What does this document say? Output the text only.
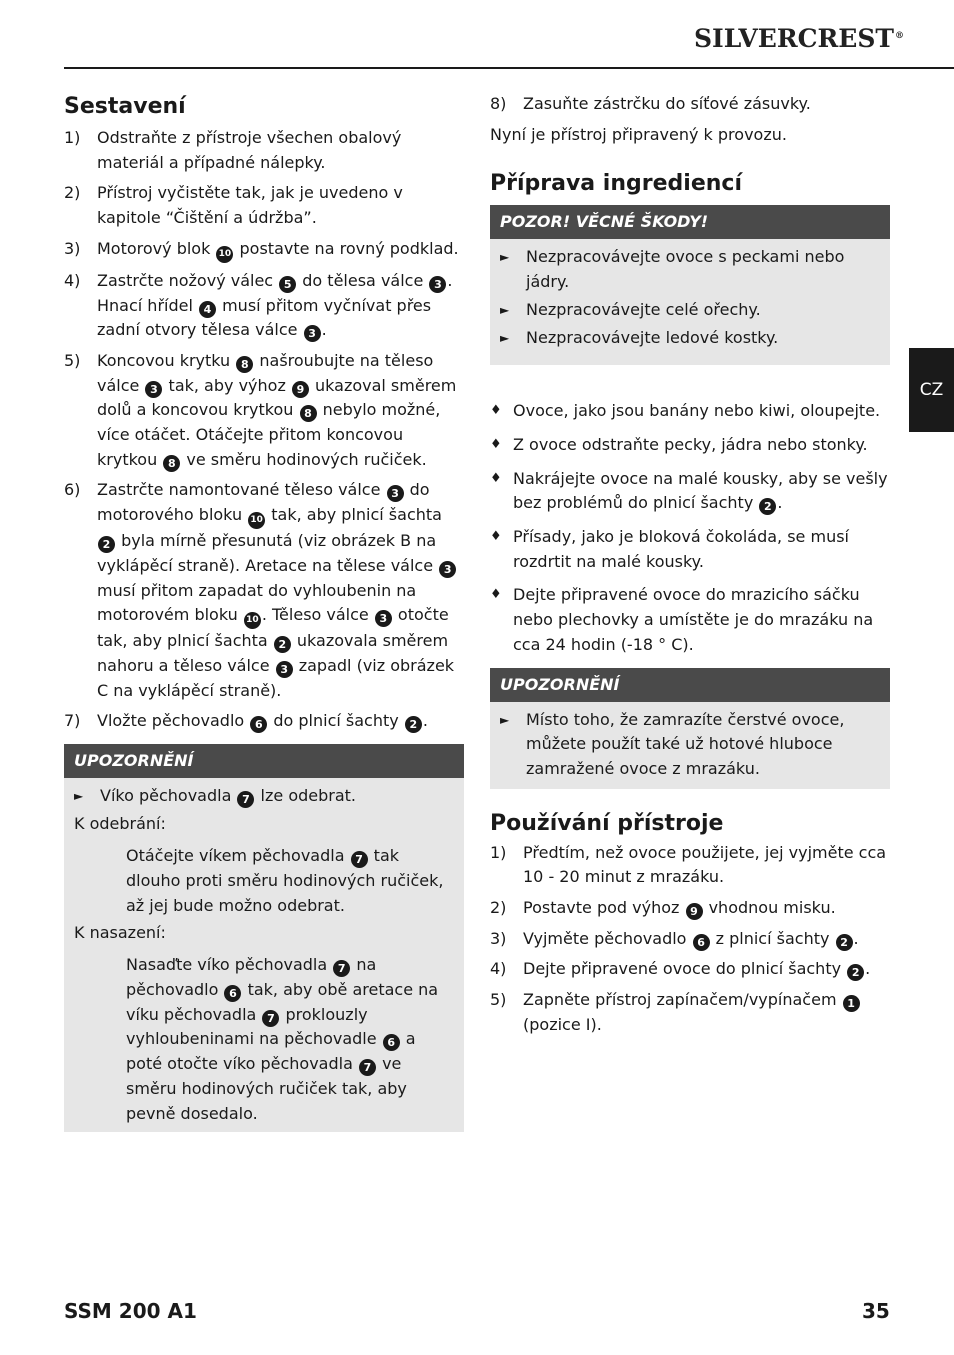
SILVERCREST®
CZ
Sestavení
1)	Odstraňte z přístroje všechen obalový materiál a případné nálepky.
2)	Přístroj vyčistěte tak, jak je uvedeno v kapitole “Čištění a údržba”.
3)	Motorový blok 10 postavte na rovný podklad.
4)	Zastrčte nožový válec 5 do tělesa válce 3 . Hnací hřídel 4 musí přitom vyčnívat přes zadní otvory tělesa válce 3 .
5)	Koncovou krytku 8 našroubujte na těleso válce 3 tak, aby výhoz 9 ukazoval směrem dolů a koncovou krytkou 8 nebylo možné, více otáčet. Otáčejte přitom koncovou krytkou 8 ve směru hodinových ručiček.
6)	Zastrčte namontované těleso válce 3 do motorového bloku 10 tak, aby plnicí šachta 2 byla mírně přesunutá (viz obrázek B na vyklápěcí straně). Aretace na tělese válce 3 musí přitom zapadat do vyhloubenin na motorovém bloku 10 . Těleso válce 3 otočte tak, aby plnicí šachta 2 ukazovala směrem nahoru a těleso válce 3 zapadl (viz obrázek C na vyklápěcí straně).
7)	Vložte pěchovadlo 6 do plnicí šachty 2 .
UPOZORNĚNÍ
►	Víko pěchovadla 7 lze odebrat.
K odebrání:
Otáčejte víkem pěchovadla 7 tak dlouho proti směru hodinových ručiček, až jej bude možno odebrat.
K nasazení:
Nasaďte víko pěchovadla 7 na pěchovadlo 6 tak, aby obě aretace na víku pěchovadla 7 proklouzly vyhloubeninami na pěchovadle 6 a poté otočte víko pěchovadla 7 ve směru hodinových ručiček tak, aby pevně dosedalo.
8)	Zasuňte zástrčku do síťové zásuvky.
Nyní je přístroj připravený k provozu.
Příprava ingrediencí
POZOR! VĚCNÉ ŠKODY!
►	Nezpracovávejte ovoce s peckami nebo jádry.
►	Nezpracovávejte celé ořechy.
►	Nezpracovávejte ledové kostky.
♦ Ovoce, jako jsou banány nebo kiwi, oloupejte.
♦ Z ovoce odstraňte pecky, jádra nebo stonky.
♦ Nakrájejte ovoce na malé kousky, aby se vešly bez problémů do plnicí šachty 2 .
♦ Přísady, jako je bloková čokoláda, se musí rozdrtit na malé kousky.
♦ Dejte připravené ovoce do mrazicího sáčku nebo plechovky a umístěte je do mrazáku na cca 24 hodin (-18 ° C).
UPOZORNĚNÍ
►	Místo toho, že zamrazíte čerstvé ovoce, můžete použít také už hotové hluboce zamražené ovoce z mrazáku.
Používání přístroje
1)	Předtím, než ovoce použijete, jej vyjměte cca 10 - 20 minut z mrazáku.
2)	Postavte pod výhoz 9 vhodnou misku.
3)	Vyjměte pěchovadlo 6 z plnicí šachty 2 .
4)	Dejte připravené ovoce do plnicí šachty 2 .
5)	Zapněte přístroj zapínačem/vypínačem 1 (pozice I).
SSM 200 A1	35
